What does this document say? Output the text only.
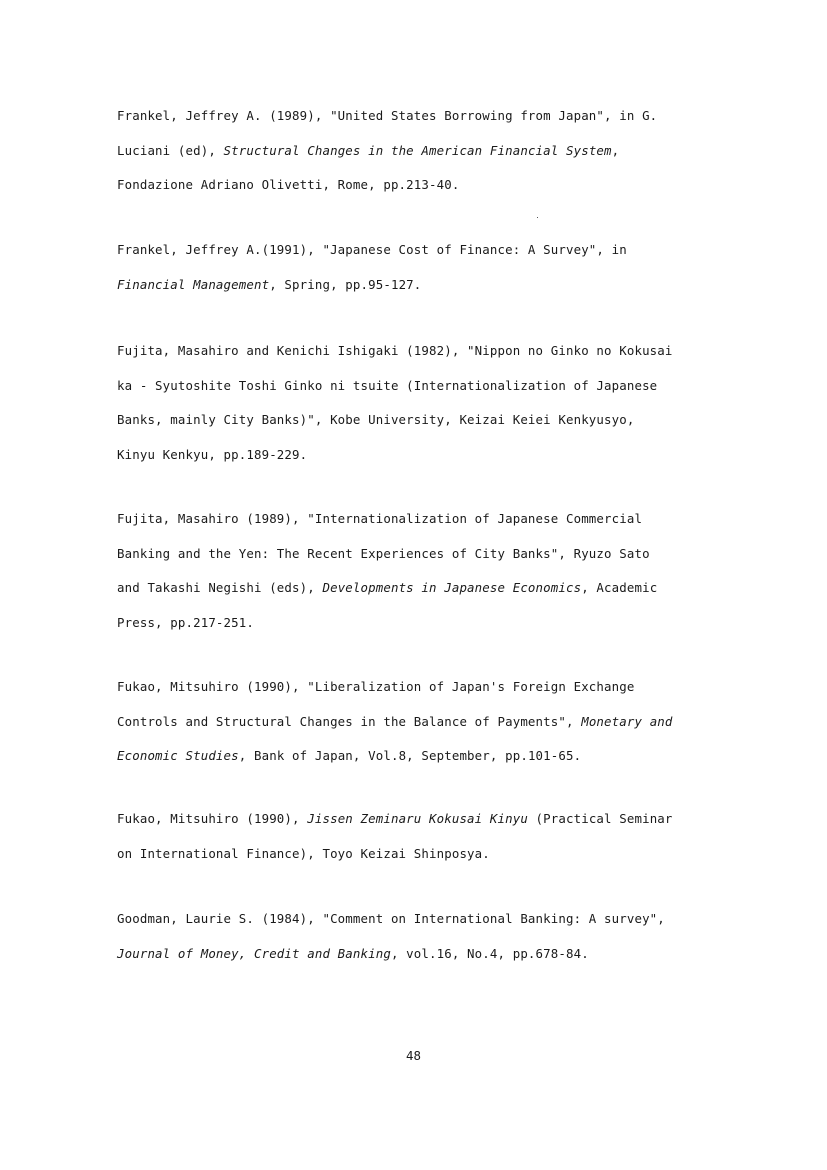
Frankel, Jeffrey A. (1989), "United States Borrowing from Japan", in G.
Luciani (ed), Structural Changes in the American Financial System,
Fondazione Adriano Olivetti, Rome, pp.213-40.
Frankel, Jeffrey A.(1991), "Japanese Cost of Finance: A Survey", in
Financial Management, Spring, pp.95-127.
Fujita, Masahiro and Kenichi Ishigaki (1982), "Nippon no Ginko no Kokusai
ka - Syutoshite Toshi Ginko ni tsuite (Internationalization of Japanese
Banks, mainly City Banks)", Kobe University, Keizai Keiei Kenkyusyo,
Kinyu Kenkyu, pp.189-229.
Fujita, Masahiro (1989), "Internationalization of Japanese Commercial
Banking and the Yen: The Recent Experiences of City Banks", Ryuzo Sato
and Takashi Negishi (eds), Developments in Japanese Economics, Academic
Press, pp.217-251.
Fukao, Mitsuhiro (1990), "Liberalization of Japan's Foreign Exchange
Controls and Structural Changes in the Balance of Payments", Monetary and
Economic Studies, Bank of Japan, Vol.8, September, pp.101-65.
Fukao, Mitsuhiro (1990), Jissen Zeminaru Kokusai Kinyu (Practical Seminar
on International Finance), Toyo Keizai Shinposya.
Goodman, Laurie S. (1984), "Comment on International Banking: A survey",
Journal of Money, Credit and Banking, vol.16, No.4, pp.678-84.
48
